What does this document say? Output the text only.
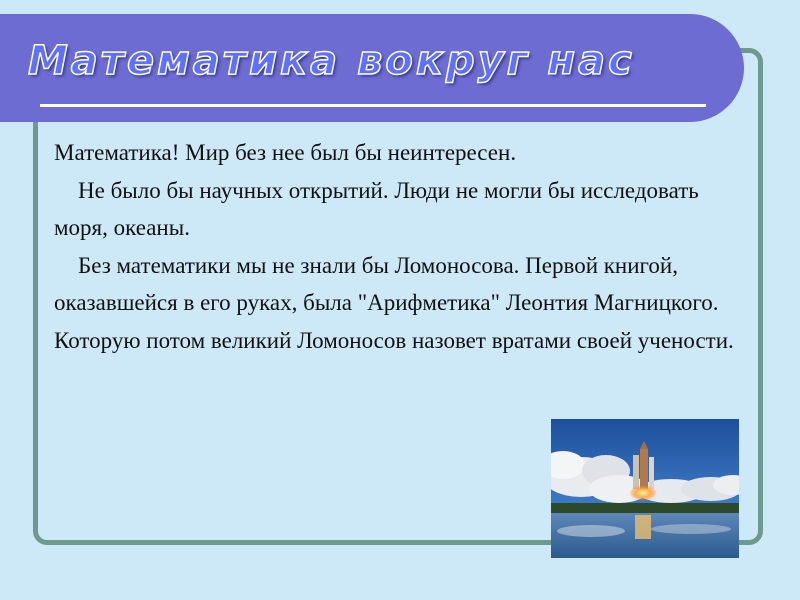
Математика вокруг нас

Математика! Мир без нее был бы неинтересен.

Не было бы научных открытий. Люди не могли бы исследовать моря, океаны.

Без математики мы не знали бы Ломоносова. Первой книгой, оказавшейся в его руках, была "Арифметика" Леонтия Магницкого. Которую потом великий Ломоносов назовет вратами своей учености.
